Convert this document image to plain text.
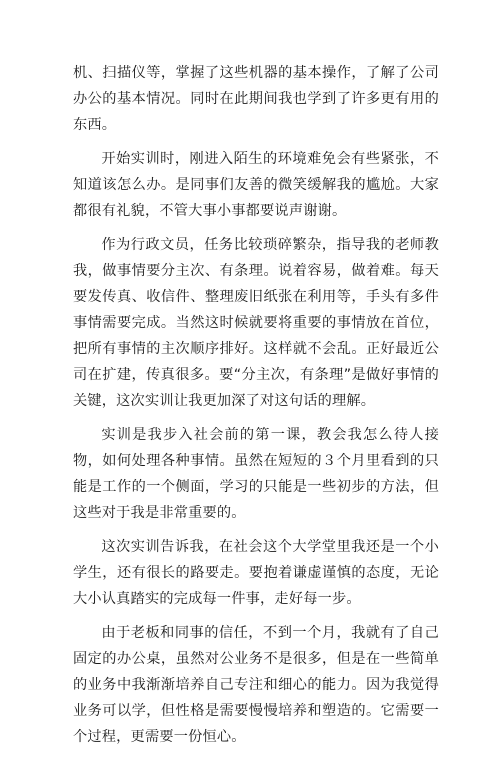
机、扫描仪等，掌握了这些机器的基本操作，了解了公司办公的基本情况。同时在此期间我也学到了许多更有用的东西。

开始实训时，刚进入陌生的环境难免会有些紧张，不知道该怎么办。是同事们友善的微笑缓解我的尴尬。大家都很有礼貌，不管大事小事都要说声谢谢。

作为行政文员，任务比较琐碎繁杂，指导我的老师教我，做事情要分主次、有条理。说着容易，做着难。每天要发传真、收信件、整理废旧纸张在利用等，手头有多件事情需要完成。当然这时候就要将重要的事情放在首位，把所有事情的主次顺序排好。这样就不会乱。正好最近公司在扩建，传真很多。要“分主次，有条理”是做好事情的关键，这次实训让我更加深了对这句话的理解。

实训是我步入社会前的第一课，教会我怎么待人接物，如何处理各种事情。虽然在短短的３个月里看到的只能是工作的一个侧面，学习的只能是一些初步的方法，但这些对于我是非常重要的。

这次实训告诉我，在社会这个大学堂里我还是一个小学生，还有很长的路要走。要抱着谦虚谨慎的态度，无论大小认真踏实的完成每一件事，走好每一步。

由于老板和同事的信任，不到一个月，我就有了自己固定的办公桌，虽然对公业务不是很多，但是在一些简单的业务中我渐渐培养自己专注和细心的能力。因为我觉得业务可以学，但性格是需要慢慢培养和塑造的。它需要一个过程，更需要一份恒心。
